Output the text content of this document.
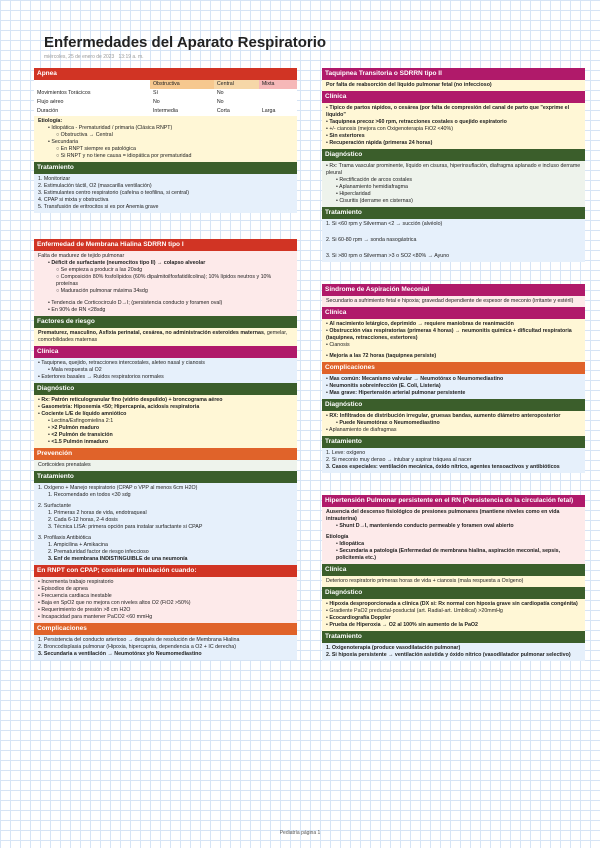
Enfermedades del Aparato Respiratorio
miércoles, 25 de enero de 2023 13:19 a. m.
Apnea
	Obstructiva	Central	Mixta
Movimientos Torácicos	Sí	No	
Flujo aéreo	No	No	
Duración	Intermedia	Corta	Larga
Etiología:
• Idiopática - Prematuridad / primaria (Clásica RNPT)
○ Obstructiva → Central
• Secundaria
○ En RNPT siempre es patológica
○ Si RNPT y no tiene causa = idiopática por prematuridad
Tratamiento
1. Monitorizar
2. Estimulación táctil, O2 (mascarilla ventilación)
3. Estimulantes centro respiratorio (cafeína o teofilina, si central)
4. CPAP si mixta y obstructiva
5. Transfusión de eritrocitos si es por Anemia grave
Enfermedad de Membrana Hialina SDRRN tipo I
Falta de madurez de tejido pulmonar
• Déficit de surfactante (neumocitos tipo II) → colapso alveolar
○ Se empieza a producir a las 20sdg
○ Composición 80% fosfolípidos (60% dipalmitoilfosfatidilcolina); 10% lípidos neutros y 10% proteínas
○ Maduración pulmonar máxima 34sdg
• Tendencia de Corticocirculo D→I; (persistencia conducto y foramen oval)
• En 90% de RN <28sdg
Factores de riesgo
Prematurez, masculino, Asfixia perinatal, cesárea, no administración esteroides maternas, gemelar, comorbilidades maternas
Clínica
• Taquipnea, quejido, retracciones intercostales, aleteo nasal y cianosis
• Mala respuesta al O2
• Estertores basales → Ruidos respiratorios normales
Diagnóstico
• Rx: Patrón reticulogranular fino (vidrio despulido) + broncograma aéreo
• Gasometría: Hipoxemia <50; Hipercapnia, acidosis respiratoria
• Cociente L/E de líquido amniótico
• Lectina/Esfingomielina 2:1
• >2 Pulmón maduro
• <2 Pulmón de transición
• <1.5 Pulmón inmaduro
Prevención
Corticoides prenatales
Tratamiento
1. Oxígeno + Manejo respiratorio (CPAP o VPP al menos 6cm H2O)
1. Recomendado en todos <30 sdg
2. Surfactante
1. Primeras 2 horas de vida, endotraqueal
2. Cada 6-12 horas, 2-4 dosis
3. Técnica LISA: primera opción para instalar surfactante si CPAP
3. Profilaxis Antibiótica
1. Ampicilina + Amikacina
2. Prematuridad factor de riesgo infeccioso
3. Enf de membrana INDISTINGUIBLE de una neumonía
En RNPT con CPAP; considerar Intubación cuando:
• Incrementa trabajo respiratorio
• Episodios de apnea
• Frecuencia cardiaca inestable
• Baja en SpO2 que no mejora con niveles altos O2 (FiO2 >50%)
• Requerimiento de presión >8 cm H2O
• Incapacidad para mantener PaCO2 <60 mmHg
Complicaciones
1. Persistencia del conducto arterioso → después de resolución de Membrana Hialina
2. Broncodisplasia pulmonar (Hipoxia, hipercapnia, dependencia a O2 + IC derecha)
3. Secundaria a ventilación → Neumotórax y/o Neumomediastino
Taquipnea Transitoria o SDRRN tipo II
Por falta de reabsorción del líquido pulmonar fetal (no infeccioso)
Clínica
• Típico de partos rápidos, o cesárea (por falta de compresión del canal de parto que "exprime el líquido"
• Taquipnea precoz >60 rpm, retracciones costales o quejido espiratorio
• +/- cianosis (mejora con Oxigenoterapia FiO2 <40%)
• Sin estertores
• Recuperación rápida (primeras 24 horas)
Diagnóstico
• Rx: Trama vascular prominente, líquido en cisuras, hiperinsuflación, diafragma aplanado e incluso derrame pleural
• Rectificación de arcos costales
• Aplanamiento hemidiafragma
• Hiperclaridad
• Cisuritis (derrame en cisternas)
Tratamiento
1. Si <60 rpm y Silverman <2 → succión (alvéolo)
2. Si 60-80 rpm → sonda nasogástrica
3. Si >80 rpm o Silverman >3 o SO2 <80% → Ayuno
Síndrome de Aspiración Meconial
Secundario a sufrimiento fetal e hipoxia; gravedad dependiente de espesor de meconio (irritante y estéril)
Clínica
• Al nacimiento letárgico, deprimido → requiere maniobras de reanimación
• Obstrucción vías respiratorias (primeras 4 horas) → neumonitis química + dificultad respiratoria (taquipnea, retracciones, estertores)
• Cianosis
• Mejoría a las 72 horas (taquipnea persiste)
Complicaciones
• Mas común: Mecanismo valvular → Neumotórax o Neumomediastino
• Neumonitis sobreinfección (E. Coli, Listeria)
• Mas grave: Hipertensión arterial pulmonar persistente
Diagnóstico
• RX: Infiltrados de distribución irregular, gruesas bandas, aumento diámetro anteroposterior
• Puede Neumotórax o Neumomediastino
• Aplanamiento de diafragmas
Tratamiento
1. Leve: oxígeno
2. Si meconio muy denso → intubar y aspirar tráquea al nacer
3. Casos especiales: ventilación mecánica, óxido nítrico, agentes tensoactivos y antibióticos
Hipertensión Pulmonar persistente en el RN (Persistencia de la circulación fetal)
Ausencia del descenso fisiológico de presiones pulmonares (mantiene niveles como en vida intrauterina)
• Shunt D→I, manteniendo conducto permeable y foramen oval abierto
Etiología
• Idiopática
• Secundaria a patología (Enfermedad de membrana hialina, aspiración meconial, sepsis, policitemia etc.)
Clínica
Deterioro respiratorio primeras horas de vida + cianosis (mala respuesta a Oxígeno)
Diagnóstico
• Hipoxia desproporcionada a clínica (DX si: Rx normal con hipoxia grave sin cardiopatía congénita)
• Gradiente PaO2 preductal-posductal (art. Radial-art. Umbilical) >20mmHg
• Ecocardiografía Doppler
• Prueba de Hiperoxia → O2 al 100% sin aumento de la PaO2
Tratamiento
1. Oxigenoterapia (produce vasodilatación pulmonar)
2. Si hipoxia persistente → ventilación asistida y óxido nítrico (vasodilatador pulmonar selectivo)
Pediatría página 1
